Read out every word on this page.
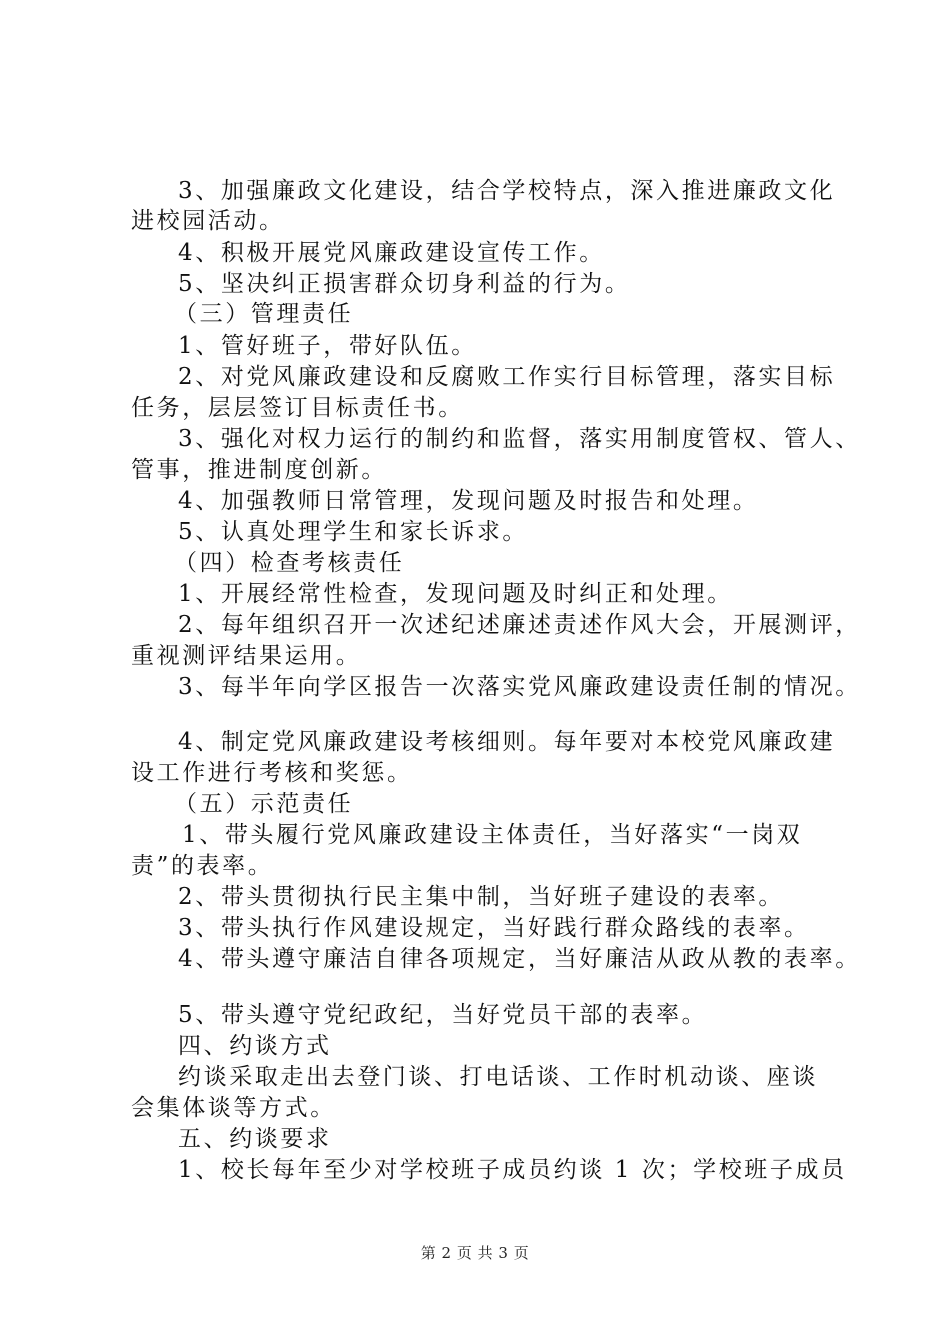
3、加强廉政文化建设，结合学校特点，深入推进廉政文化
进校园活动。
4、积极开展党风廉政建设宣传工作。
5、坚决纠正损害群众切身利益的行为。
（三）管理责任
1、管好班子，带好队伍。
2、对党风廉政建设和反腐败工作实行目标管理，落实目标
任务，层层签订目标责任书。
3、强化对权力运行的制约和监督，落实用制度管权、管人、
管事，推进制度创新。
4、加强教师日常管理，发现问题及时报告和处理。
5、认真处理学生和家长诉求。
（四）检查考核责任
1、开展经常性检查，发现问题及时纠正和处理。
2、每年组织召开一次述纪述廉述责述作风大会，开展测评，
重视测评结果运用。
3、每半年向学区报告一次落实党风廉政建设责任制的情况。
4、制定党风廉政建设考核细则。每年要对本校党风廉政建
设工作进行考核和奖惩。
（五）示范责任
1、带头履行党风廉政建设主体责任，当好落实“一岗双
责”的表率。
2、带头贯彻执行民主集中制，当好班子建设的表率。
3、带头执行作风建设规定，当好践行群众路线的表率。
4、带头遵守廉洁自律各项规定，当好廉洁从政从教的表率。
5、带头遵守党纪政纪，当好党员干部的表率。
四、约谈方式
约谈采取走出去登门谈、打电话谈、工作时机动谈、座谈
会集体谈等方式。
五、约谈要求
1、校长每年至少对学校班子成员约谈 1 次；学校班子成员
第 2 页 共 3 页
